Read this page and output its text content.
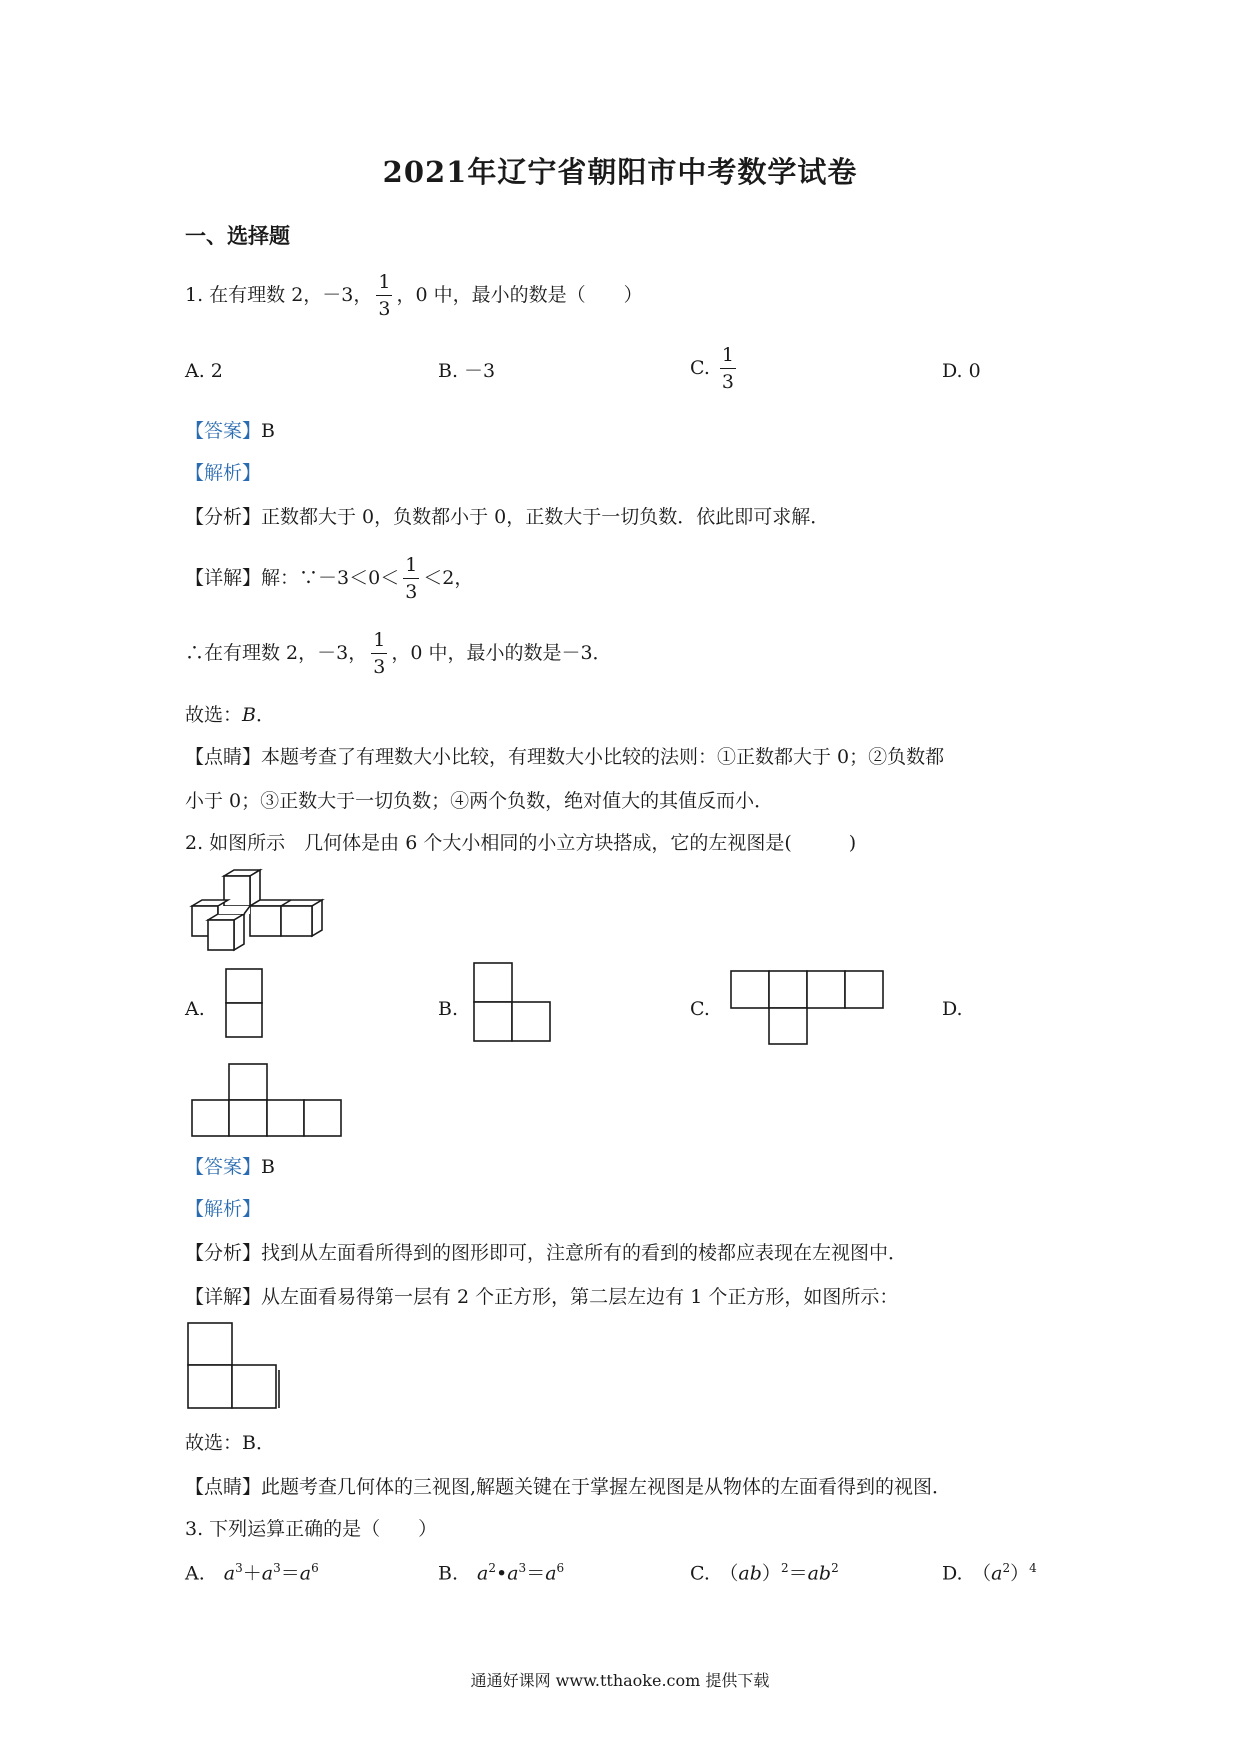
2021年辽宁省朝阳市中考数学试卷
一、选择题
1. 在有理数 2，－3， $\frac{1}{3}$ ，0 中，最小的数是（　　）
A. 2	B. －3	C. $\frac{1}{3}$	D. 0
【答案】B
【解析】
【分析】正数都大于 0，负数都小于 0，正数大于一切负数．依此即可求解．
【详解】 解：∵－3＜0＜ $\frac{1}{3} <2$，
∴在有理数 2，－3， $\frac{1}{3}$ ，0 中，最小的数是－3．
故选：B．
【点睛】本题考查了有理数大小比较，有理数大小比较的法则：①正数都大于 0；②负数都
小于 0；③正数大于一切负数；④两个负数，绝对值大的其值反而小．
2. 如图所示　几何体是由 6 个大小相同的小立方块搭成，它的左视图是(　　　)
A.	B.	C.	D.
【答案】B
【解析】
【分析】找到从左面看所得到的图形即可，注意所有的看到的棱都应表现在左视图中．
【详解】从左面看易得第一层有 2 个正方形，第二层左边有 1 个正方形，如图所示：
故选：B．
【点睛】此题考查几何体的三视图,解题关键在于掌握左视图是从物体的左面看得到的视图．
3. 下列运算正确的是（　　）
A.　 $a^3+a^3=a^6$	B.　 $a^2•a^3=a^6$	C.　$(ab)^2=ab^2$	D.　$(a^2)^4$
通通好课网 www.tthaoke.com 提供下载
